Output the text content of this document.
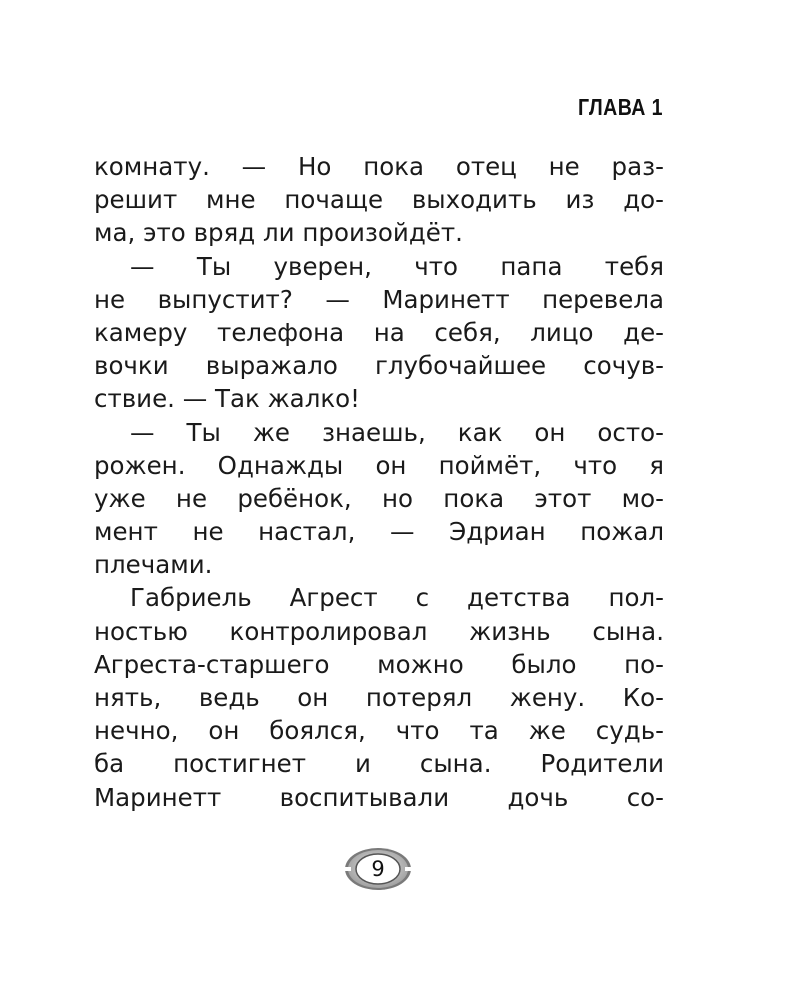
ГЛАВА 1
комнату. — Но пока отец не раз-
решит мне почаще выходить из до-
ма, это вряд ли произойдёт.
— Ты уверен, что папа тебя
не выпустит? — Маринетт перевела
камеру телефона на себя, лицо де-
вочки выражало глубочайшее сочув-
ствие. — Так жалко!
— Ты же знаешь, как он осто-
рожен. Однажды он поймёт, что я
уже не ребёнок, но пока этот мо-
мент не настал, — Эдриан пожал
плечами.
Габриель Агрест с детства пол-
ностью контролировал жизнь сына.
Агреста-старшего можно было по-
нять, ведь он потерял жену. Ко-
нечно, он боялся, что та же судь-
ба постигнет и сына. Родители
Маринетт воспитывали дочь со-
9
